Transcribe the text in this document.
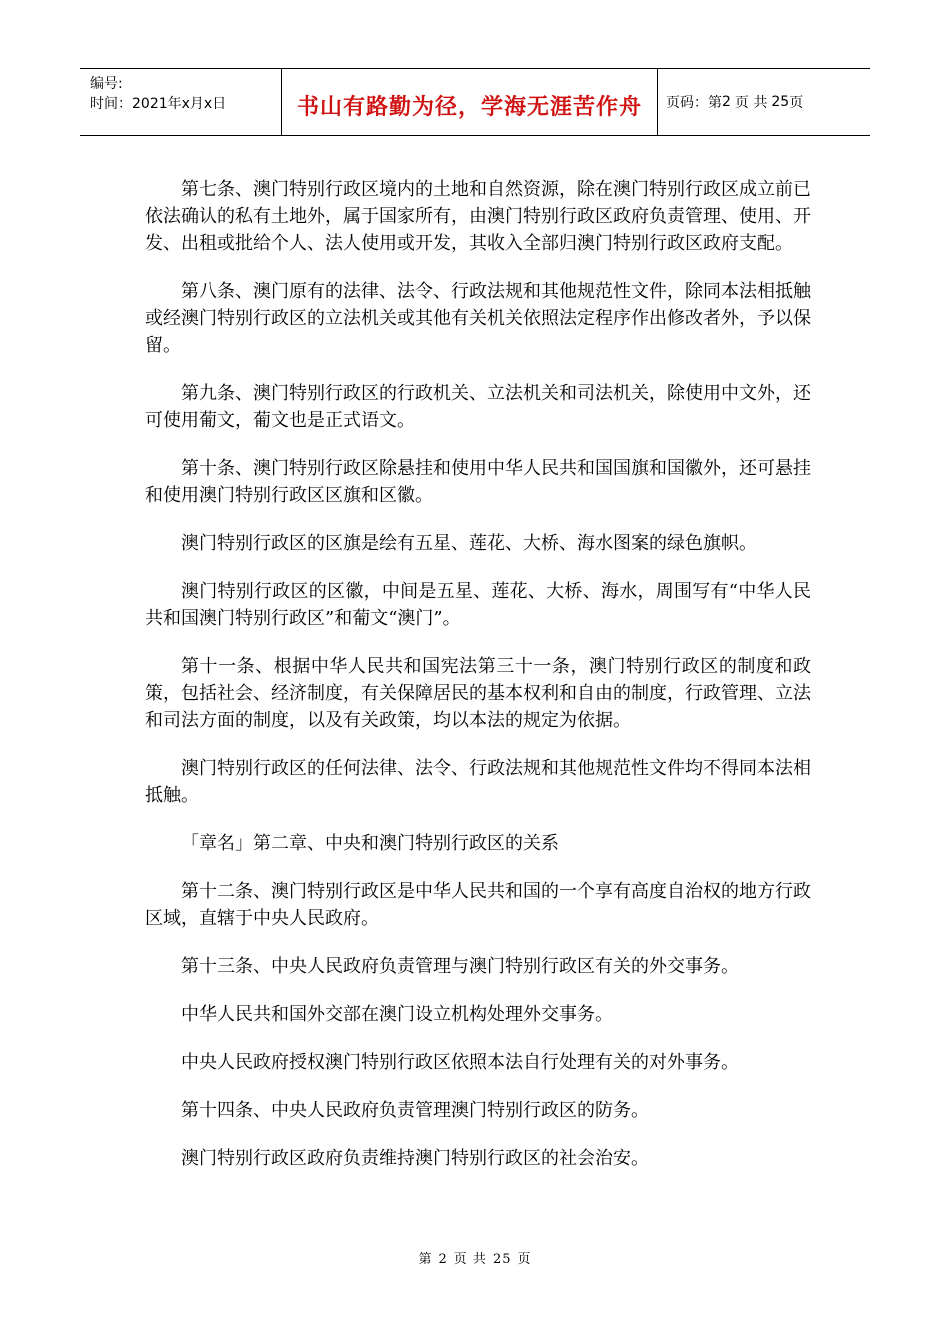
编号:
时间：2021年x月x日	书山有路勤为径，学海无涯苦作舟 页码：第 2 页 共 25 页

第七条、澳门特别行政区境内的土地和自然资源，除在澳门特别行政区成立前已依法确认的私有土地外，属于国家所有，由澳门特别行政区政府负责管理、使用、开发、出租或批给个人、法人使用或开发，其收入全部归澳门特别行政区政府支配。

第八条、澳门原有的法律、法令、行政法规和其他规范性文件，除同本法相抵触或经澳门特别行政区的立法机关或其他有关机关依照法定程序作出修改者外，予以保留。

第九条、澳门特别行政区的行政机关、立法机关和司法机关，除使用中文外，还可使用葡文，葡文也是正式语文。

第十条、澳门特别行政区除悬挂和使用中华人民共和国国旗和国徽外，还可悬挂和使用澳门特别行政区区旗和区徽。

澳门特别行政区的区旗是绘有五星、莲花、大桥、海水图案的绿色旗帜。

澳门特别行政区的区徽，中间是五星、莲花、大桥、海水，周围写有“中华人民共和国澳门特别行政区”和葡文“澳门”。

第十一条、根据中华人民共和国宪法第三十一条，澳门特别行政区的制度和政策，包括社会、经济制度，有关保障居民的基本权利和自由的制度，行政管理、立法和司法方面的制度，以及有关政策，均以本法的规定为依据。

澳门特别行政区的任何法律、法令、行政法规和其他规范性文件均不得同本法相抵触。

「章名」第二章、中央和澳门特别行政区的关系

第十二条、澳门特别行政区是中华人民共和国的一个享有高度自治权的地方行政区域，直辖于中央人民政府。

第十三条、中央人民政府负责管理与澳门特别行政区有关的外交事务。

中华人民共和国外交部在澳门设立机构处理外交事务。

中央人民政府授权澳门特别行政区依照本法自行处理有关的对外事务。

第十四条、中央人民政府负责管理澳门特别行政区的防务。

澳门特别行政区政府负责维持澳门特别行政区的社会治安。

第 2 页 共 25 页
